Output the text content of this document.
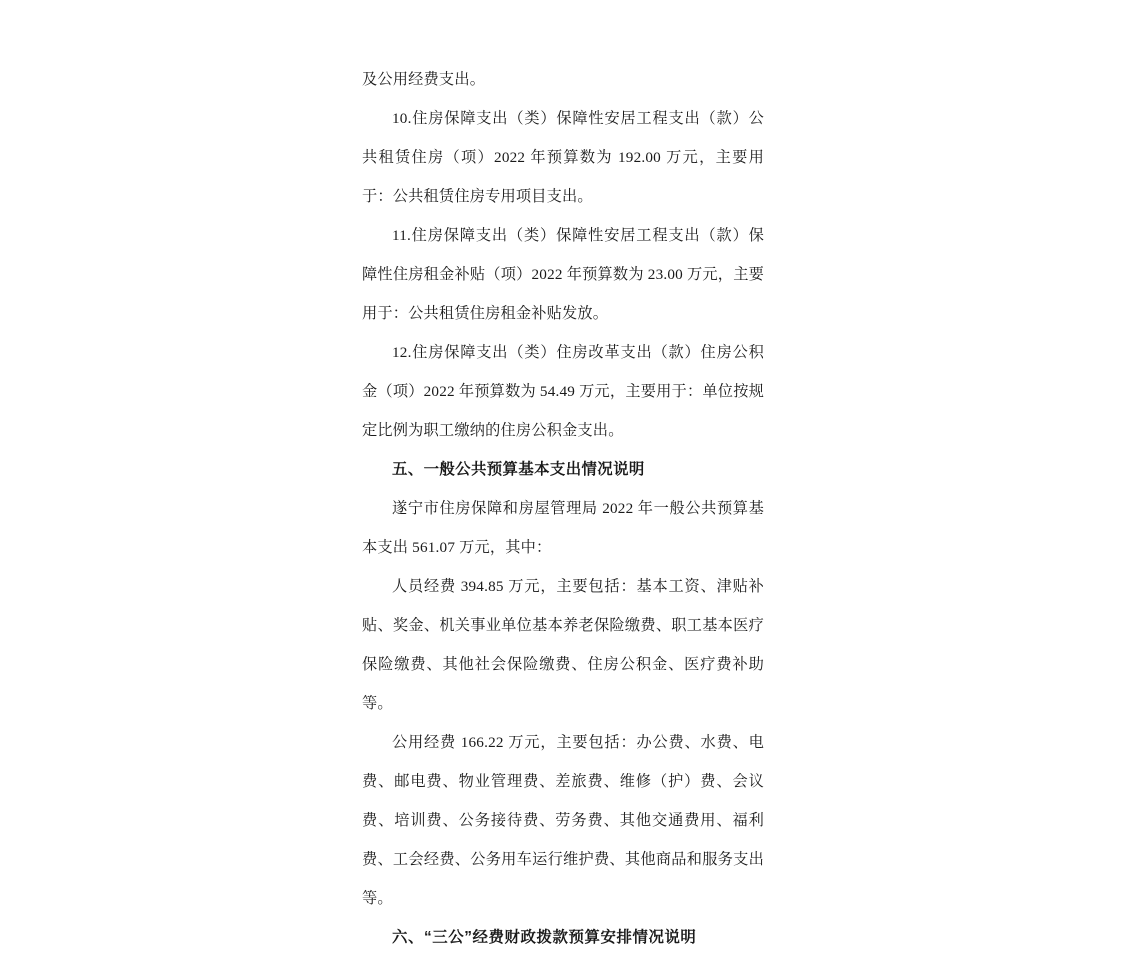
及公用经费支出。

10.住房保障支出（类）保障性安居工程支出（款）公共租赁住房（项）2022 年预算数为 192.00 万元，主要用于：公共租赁住房专用项目支出。

11.住房保障支出（类）保障性安居工程支出（款）保障性住房租金补贴（项）2022 年预算数为 23.00 万元，主要用于：公共租赁住房租金补贴发放。

12.住房保障支出（类）住房改革支出（款）住房公积金（项）2022 年预算数为 54.49 万元，主要用于：单位按规定比例为职工缴纳的住房公积金支出。

五、一般公共预算基本支出情况说明

遂宁市住房保障和房屋管理局 2022 年一般公共预算基本支出 561.07 万元，其中：

人员经费 394.85 万元，主要包括：基本工资、津贴补贴、奖金、机关事业单位基本养老保险缴费、职工基本医疗保险缴费、其他社会保险缴费、住房公积金、医疗费补助等。

公用经费 166.22 万元，主要包括：办公费、水费、电费、邮电费、物业管理费、差旅费、维修（护）费、会议费、培训费、公务接待费、劳务费、其他交通费用、福利费、工会经费、公务用车运行维护费、其他商品和服务支出等。

六、“三公”经费财政拨款预算安排情况说明
